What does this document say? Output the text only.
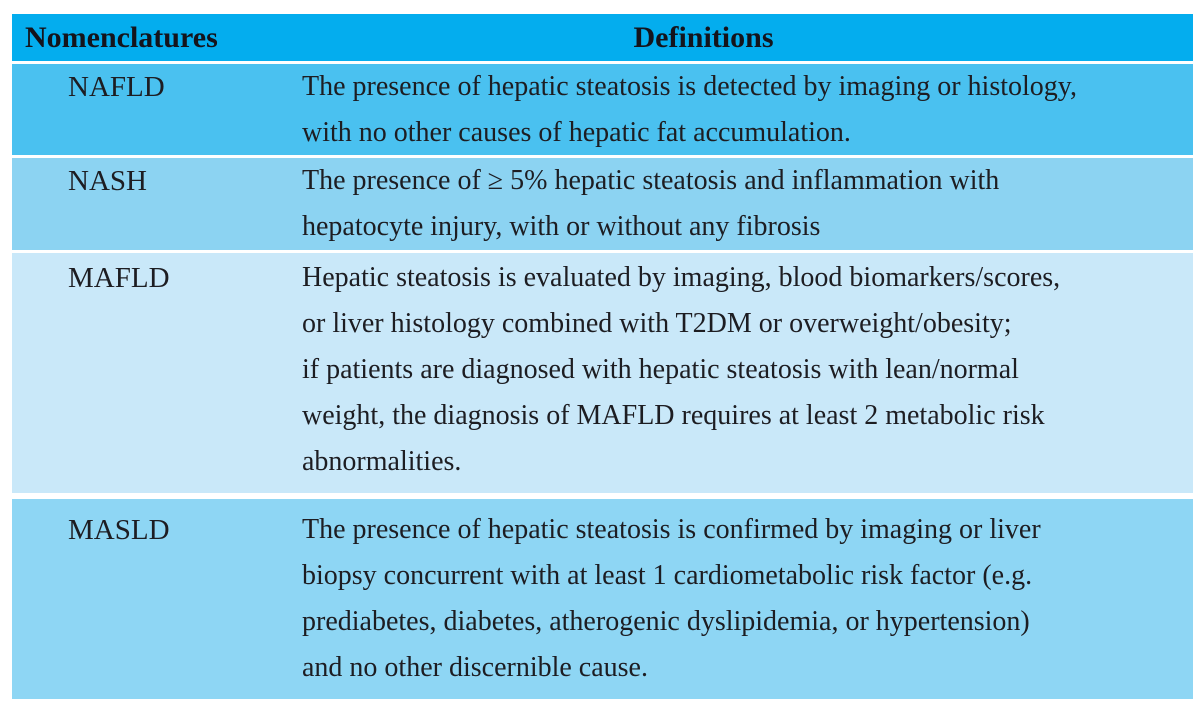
Nomenclatures	Definitions
NAFLD	The presence of hepatic steatosis is detected by imaging or histology,
with no other causes of hepatic fat accumulation.
NASH	The presence of ≥ 5% hepatic steatosis and inflammation with
hepatocyte injury, with or without any fibrosis
MAFLD	Hepatic steatosis is evaluated by imaging, blood biomarkers/scores,
or liver histology combined with T2DM or overweight/obesity;
if patients are diagnosed with hepatic steatosis with lean/normal
weight, the diagnosis of MAFLD requires at least 2 metabolic risk
abnormalities.
MASLD	The presence of hepatic steatosis is confirmed by imaging or liver
biopsy concurrent with at least 1 cardiometabolic risk factor (e.g.
prediabetes, diabetes, atherogenic dyslipidemia, or hypertension)
and no other discernible cause.
